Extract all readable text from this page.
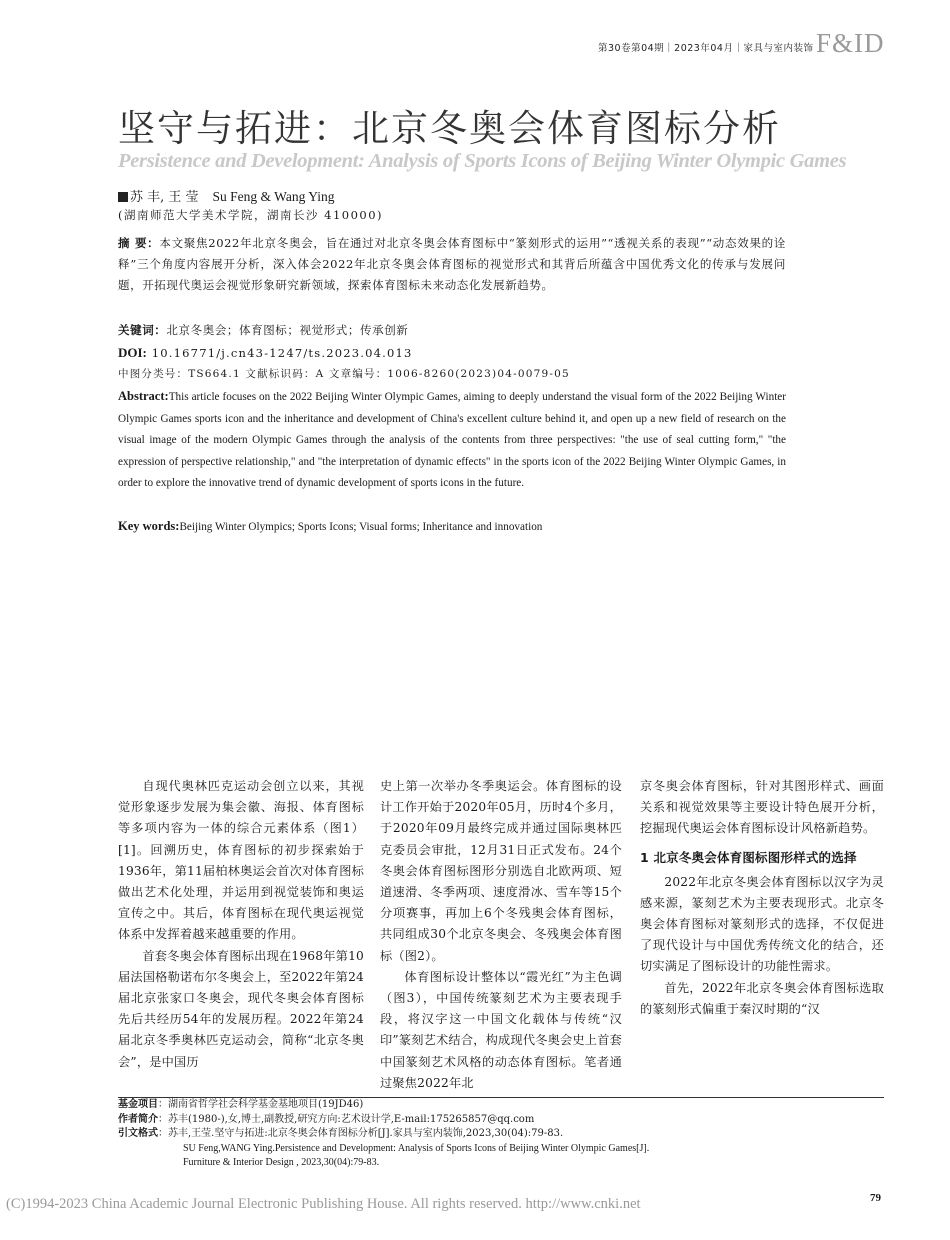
第30卷第04期｜2023年04月｜家具与室内装饰 F&ID
坚守与拓进：北京冬奥会体育图标分析
Persistence and Development: Analysis of Sports Icons of Beijing Winter Olympic Games
苏 丰, 王 莹 Su Feng & Wang Ying
(湖南师范大学美术学院，湖南长沙 410000)
摘 要：本文聚焦2022年北京冬奥会，旨在通过对北京冬奥会体育图标中“篆刻形式的运用”“透视关系的表现”“动态效果的诠释”三个角度内容展开分析，深入体会2022年北京冬奥会体育图标的视觉形式和其背后所蕴含中国优秀文化的传承与发展问题，开拓现代奥运会视觉形象研究新领域，探索体育图标未来动态化发展新趋势。
关键词：北京冬奥会；体育图标；视觉形式；传承创新
DOI: 10.16771/j.cn43-1247/ts.2023.04.013
中图分类号：TS664.1 文献标识码：A 文章编号：1006-8260(2023)04-0079-05
Abstract:This article focuses on the 2022 Beijing Winter Olympic Games, aiming to deeply understand the visual form of the 2022 Beijing Winter Olympic Games sports icon and the inheritance and development of China's excellent culture behind it, and open up a new field of research on the visual image of the modern Olympic Games through the analysis of the contents from three perspectives: "the use of seal cutting form," "the expression of perspective relationship," and "the interpretation of dynamic effects" in the sports icon of the 2022 Beijing Winter Olympic Games, in order to explore the innovative trend of dynamic development of sports icons in the future.
Key words:Beijing Winter Olympics; Sports Icons; Visual forms; Inheritance and innovation

自现代奥林匹克运动会创立以来，其视觉形象逐步发展为集会徽、海报、体育图标等多项内容为一体的综合元素体系（图1）[1]。回溯历史，体育图标的初步探索始于1936年，第11届柏林奥运会首次对体育图标做出艺术化处理，并运用到视觉装饰和奥运宣传之中。其后，体育图标在现代奥运视觉体系中发挥着越来越重要的作用。

首套冬奥会体育图标出现在1968年第10届法国格勒诺布尔冬奥会上，至2022年第24届北京张家口冬奥会，现代冬奥会体育图标先后共经历54年的发展历程。2022年第24届北京冬季奥林匹克运动会，简称“北京冬奥会”，是中国历

史上第一次举办冬季奥运会。体育图标的设计工作开始于2020年05月，历时4个多月，于2020年09月最终完成并通过国际奥林匹克委员会审批，12月31日正式发布。24个冬奥会体育图标图形分别选自北欧两项、短道速滑、冬季两项、速度滑冰、雪车等15个分项赛事，再加上6个冬残奥会体育图标，共同组成30个北京冬奥会、冬残奥会体育图标（图2）。

体育图标设计整体以“霞光红”为主色调（图3），中国传统篆刻艺术为主要表现手段，将汉字这一中国文化载体与传统“汉印”篆刻艺术结合，构成现代冬奥会史上首套中国篆刻艺术风格的动态体育图标。笔者通过聚焦2022年北

京冬奥会体育图标，针对其图形样式、画面关系和视觉效果等主要设计特色展开分析，挖掘现代奥运会体育图标设计风格新趋势。

1 北京冬奥会体育图标图形样式的选择

2022年北京冬奥会体育图标以汉字为灵感来源，篆刻艺术为主要表现形式。北京冬奥会体育图标对篆刻形式的选择，不仅促进了现代设计与中国优秀传统文化的结合，还切实满足了图标设计的功能性需求。

首先，2022年北京冬奥会体育图标选取的篆刻形式偏重于秦汉时期的“汉

基金项目：湖南省哲学社会科学基金基地项目(19JD46)
作者简介：苏丰(1980-),女,博士,副教授,研究方向:艺术设计学,E-mail:175265857@qq.com
引文格式：苏丰,王莹.坚守与拓进:北京冬奥会体育图标分析[J].家具与室内装饰,2023,30(04):79-83.
SU Feng,WANG Ying.Persistence and Development: Analysis of Sports Icons of Beijing Winter Olympic Games[J].
Furniture & Interior Design , 2023,30(04):79-83.
(C)1994-2023 China Academic Journal Electronic Publishing House. All rights reserved. http://www.cnki.net	79
